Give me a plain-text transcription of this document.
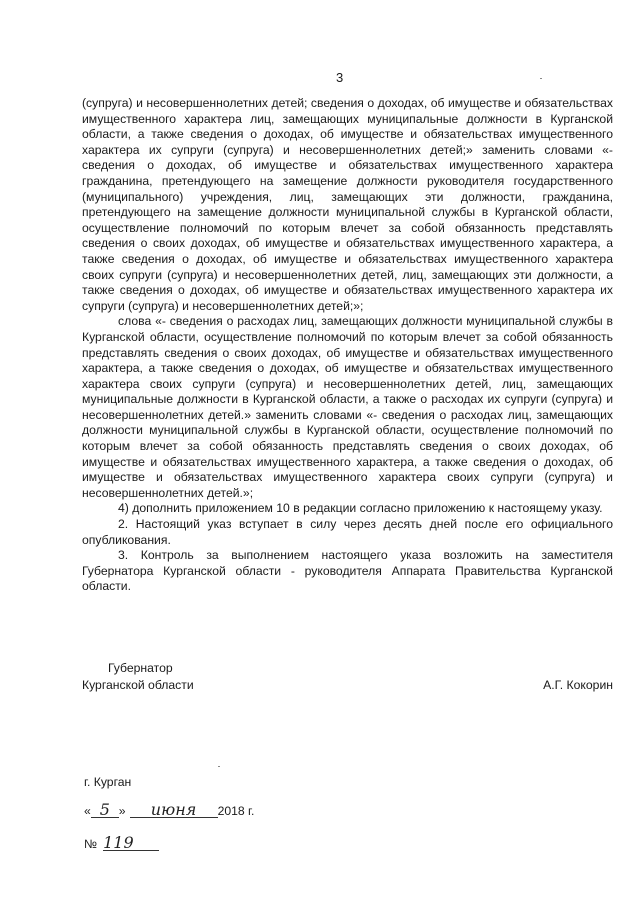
3

(супруга) и несовершеннолетних детей; сведения о доходах, об имуществе и обязательствах имущественного характера лиц, замещающих муниципальные должности в Курганской области, а также сведения о доходах, об имуществе и обязательствах имущественного характера их супруги (супруга) и несовершеннолетних детей;» заменить словами «- сведения о доходах, об имуществе и обязательствах имущественного характера гражданина, претендующего на замещение должности руководителя государственного (муниципального) учреждения, лиц, замещающих эти должности, гражданина, претендующего на замещение должности муниципальной службы в Курганской области, осуществление полномочий по которым влечет за собой обязанность представлять сведения о своих доходах, об имуществе и обязательствах имущественного характера, а также сведения о доходах, об имуществе и обязательствах имущественного характера своих супруги (супруга) и несовершеннолетних детей, лиц, замещающих эти должности, а также сведения о доходах, об имуществе и обязательствах имущественного характера их супруги (супруга) и несовершеннолетних детей;»;

слова «- сведения о расходах лиц, замещающих должности муниципальной службы в Курганской области, осуществление полномочий по которым влечет за собой обязанность представлять сведения о своих доходах, об имуществе и обязательствах имущественного характера, а также сведения о доходах, об имуществе и обязательствах имущественного характера своих супруги (супруга) и несовершеннолетних детей, лиц, замещающих муниципальные должности в Курганской области, а также о расходах их супруги (супруга) и несовершеннолетних детей.» заменить словами «- сведения о расходах лиц, замещающих должности муниципальной службы в Курганской области, осуществление полномочий по которым влечет за собой обязанность представлять сведения о своих доходах, об имуществе и обязательствах имущественного характера, а также сведения о доходах, об имуществе и обязательствах имущественного характера своих супруги (супруга) и несовершеннолетних детей.»;

4) дополнить приложением 10 в редакции согласно приложению к настоящему указу.

2. Настоящий указ вступает в силу через десять дней после его официального опубликования.

3. Контроль за выполнением настоящего указа возложить на заместителя Губернатора Курганской области - руководителя Аппарата Правительства Курганской области.

Губернатор
Курганской области	А.Г. Кокорин
г. Курган
« 5 » июня 2018 г.
№ 119
